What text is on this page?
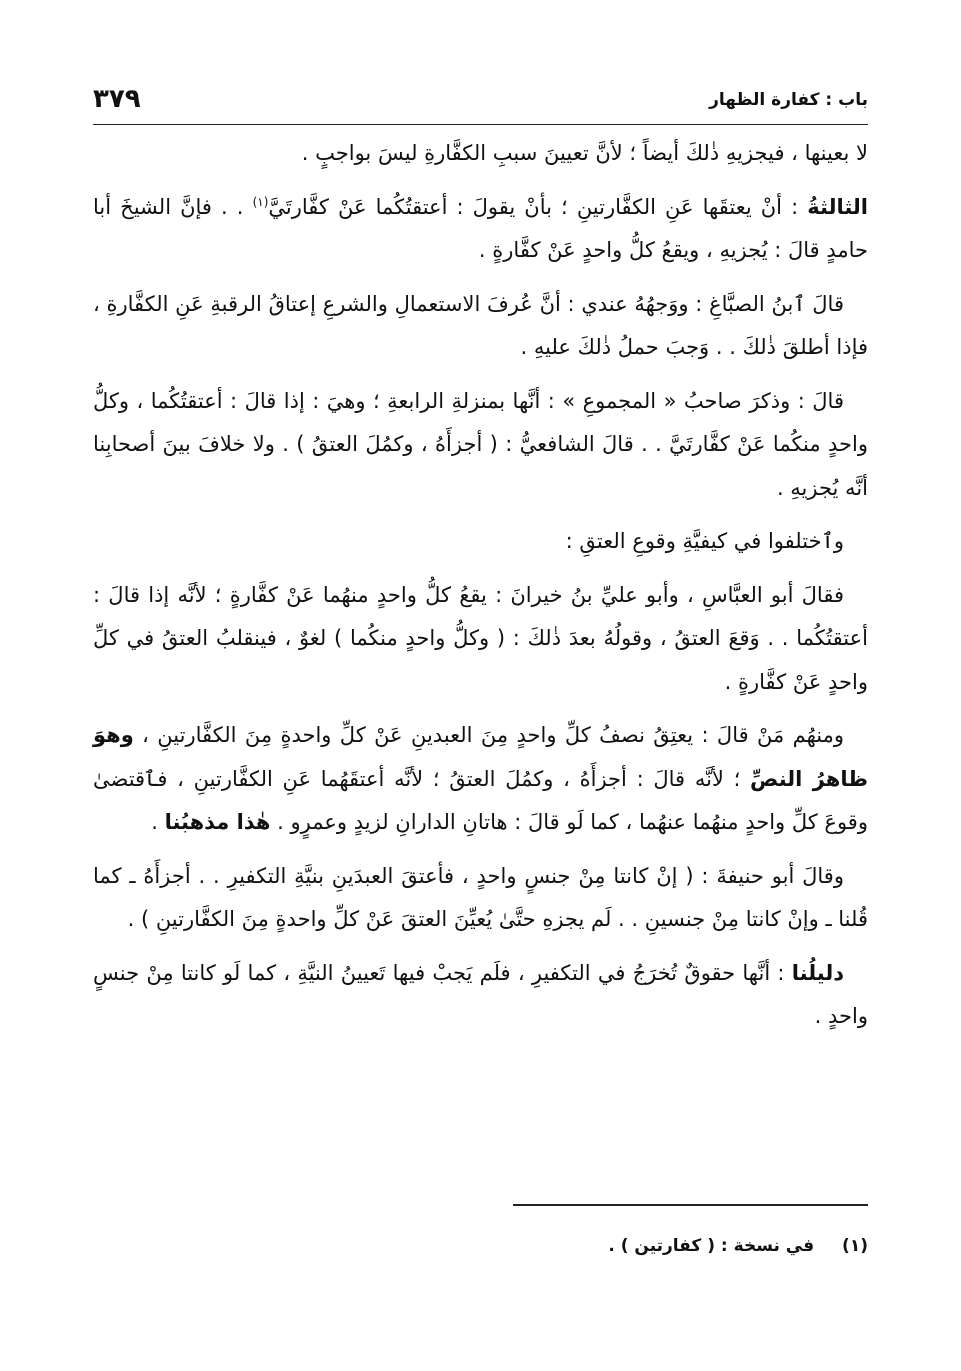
باب : كفارة الظهار
٣٧٩

لا بعينها ، فيجزيهِ ذٰلكَ أيضاً ؛ لأنَّ تعيينَ سببِ الكفَّارةِ ليسَ بواجبٍ .

الثالثةُ : أنْ يعتقَها عَنِ الكفَّارتينِ ؛ بأنْ يقولَ : أعتقتُكُما عَنْ كفَّارتَيَّ$^{(١)}$ . . فإنَّ الشيخَ أبا حامدٍ قالَ : يُجزيهِ ، ويقعُ كلُّ واحدٍ عَنْ كفَّارةٍ .

قالَ ٱبنُ الصبَّاغِ : ووَجهُهُ عندي : أنَّ عُرفَ الاستعمالِ والشرعِ إعتاقُ الرقبةِ عَنِ الكفَّارةِ ، فإذا أطلقَ ذٰلكَ . . وَجبَ حملُ ذٰلكَ عليهِ .

قالَ : وذكرَ صاحبُ « المجموعِ » : أنَّها بمنزلةِ الرابعةِ ؛ وهيَ : إذا قالَ : أعتقتُكُما ، وكلُّ واحدٍ منكُما عَنْ كفَّارتَيَّ . . قالَ الشافعيُّ : ( أجزأَهُ ، وكمُلَ العتقُ ) . ولا خلافَ بينَ أصحابِنا أنَّه يُجزيهِ .

وٱختلفوا في كيفيَّةِ وقوعِ العتقِ :

فقالَ أبو العبَّاسِ ، وأبو عليِّ بنُ خيرانَ : يقعُ كلُّ واحدٍ منهُما عَنْ كفَّارةٍ ؛ لأنَّه إذا قالَ : أعتقتُكُما . . وَقعَ العتقُ ، وقولُهُ بعدَ ذٰلكَ : ( وكلُّ واحدٍ منكُما ) لغوٌ ، فينقلبُ العتقُ في كلِّ واحدٍ عَنْ كفَّارةٍ .

ومنهُم مَنْ قالَ : يعتِقُ نصفُ كلِّ واحدٍ مِنَ العبدينِ عَنْ كلِّ واحدةٍ مِنَ الكفَّارتينِ ، وهوَ ظاهرُ النصِّ ؛ لأنَّه قالَ : أجزأَهُ ، وكمُلَ العتقُ ؛ لأنَّه أعتقَهُما عَنِ الكفَّارتينِ ، فٱقتضىٰ وقوعَ كلِّ واحدٍ منهُما عنهُما ، كما لَو قالَ : هاتانِ الدارانِ لزيدٍ وعمرٍو . هٰذا مذهبُنا .

وقالَ أبو حنيفةَ : ( إنْ كانتا مِنْ جنسٍ واحدٍ ، فأعتقَ العبدَينِ بنيَّةِ التكفيرِ . . أجزأَهُ ـ كما قُلنا ـ وإنْ كانتا مِنْ جنسينِ . . لَم يجزهِ حتَّىٰ يُعيِّنَ العتقَ عَنْ كلِّ واحدةٍ مِنَ الكفَّارتينِ ) .

دليلُنا : أنَّها حقوقٌ تُخرَجُ في التكفيرِ ، فلَم يَجبْ فيها تَعيينُ النيَّةِ ، كما لَو كانتا مِنْ جنسٍ واحدٍ .

(١) في نسخة : ( كفارتين ) .
